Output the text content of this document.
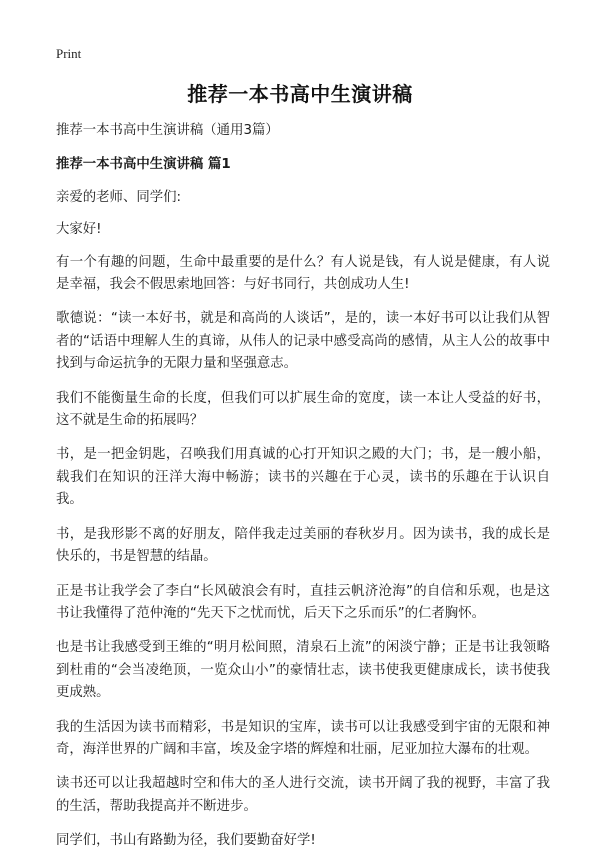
Print
推荐一本书高中生演讲稿

推荐一本书高中生演讲稿（通用3篇）

推荐一本书高中生演讲稿 篇1

亲爱的老师、同学们:

大家好!

有一个有趣的问题，生命中最重要的是什么？有人说是钱，有人说是健康，有人说是幸福，我会不假思索地回答：与好书同行，共创成功人生!

歌德说：“读一本好书，就是和高尚的人谈话”，是的，读一本好书可以让我们从智者的“话语中理解人生的真谛，从伟人的记录中感受高尚的感情，从主人公的故事中找到与命运抗争的无限力量和坚强意志。

我们不能衡量生命的长度，但我们可以扩展生命的宽度，读一本让人受益的好书，这不就是生命的拓展吗？

书，是一把金钥匙，召唤我们用真诚的心打开知识之殿的大门；书，是一艘小船，载我们在知识的汪洋大海中畅游；读书的兴趣在于心灵，读书的乐趣在于认识自我。

书，是我形影不离的好朋友，陪伴我走过美丽的春秋岁月。因为读书，我的成长是快乐的，书是智慧的结晶。

正是书让我学会了李白“长风破浪会有时，直挂云帆济沧海”的自信和乐观，也是这书让我懂得了范仲淹的“先天下之忧而忧，后天下之乐而乐”的仁者胸怀。

也是书让我感受到王维的“明月松间照，清泉石上流”的闲淡宁静；正是书让我领略到杜甫的“会当凌绝顶，一览众山小”的豪情壮志，读书使我更健康成长，读书使我更成熟。

我的生活因为读书而精彩，书是知识的宝库，读书可以让我感受到宇宙的无限和神奇，海洋世界的广阔和丰富，埃及金字塔的辉煌和壮丽，尼亚加拉大瀑布的壮观。

读书还可以让我超越时空和伟大的圣人进行交流，读书开阔了我的视野，丰富了我的生活，帮助我提高并不断进步。

同学们，书山有路勤为径，我们要勤奋好学!
